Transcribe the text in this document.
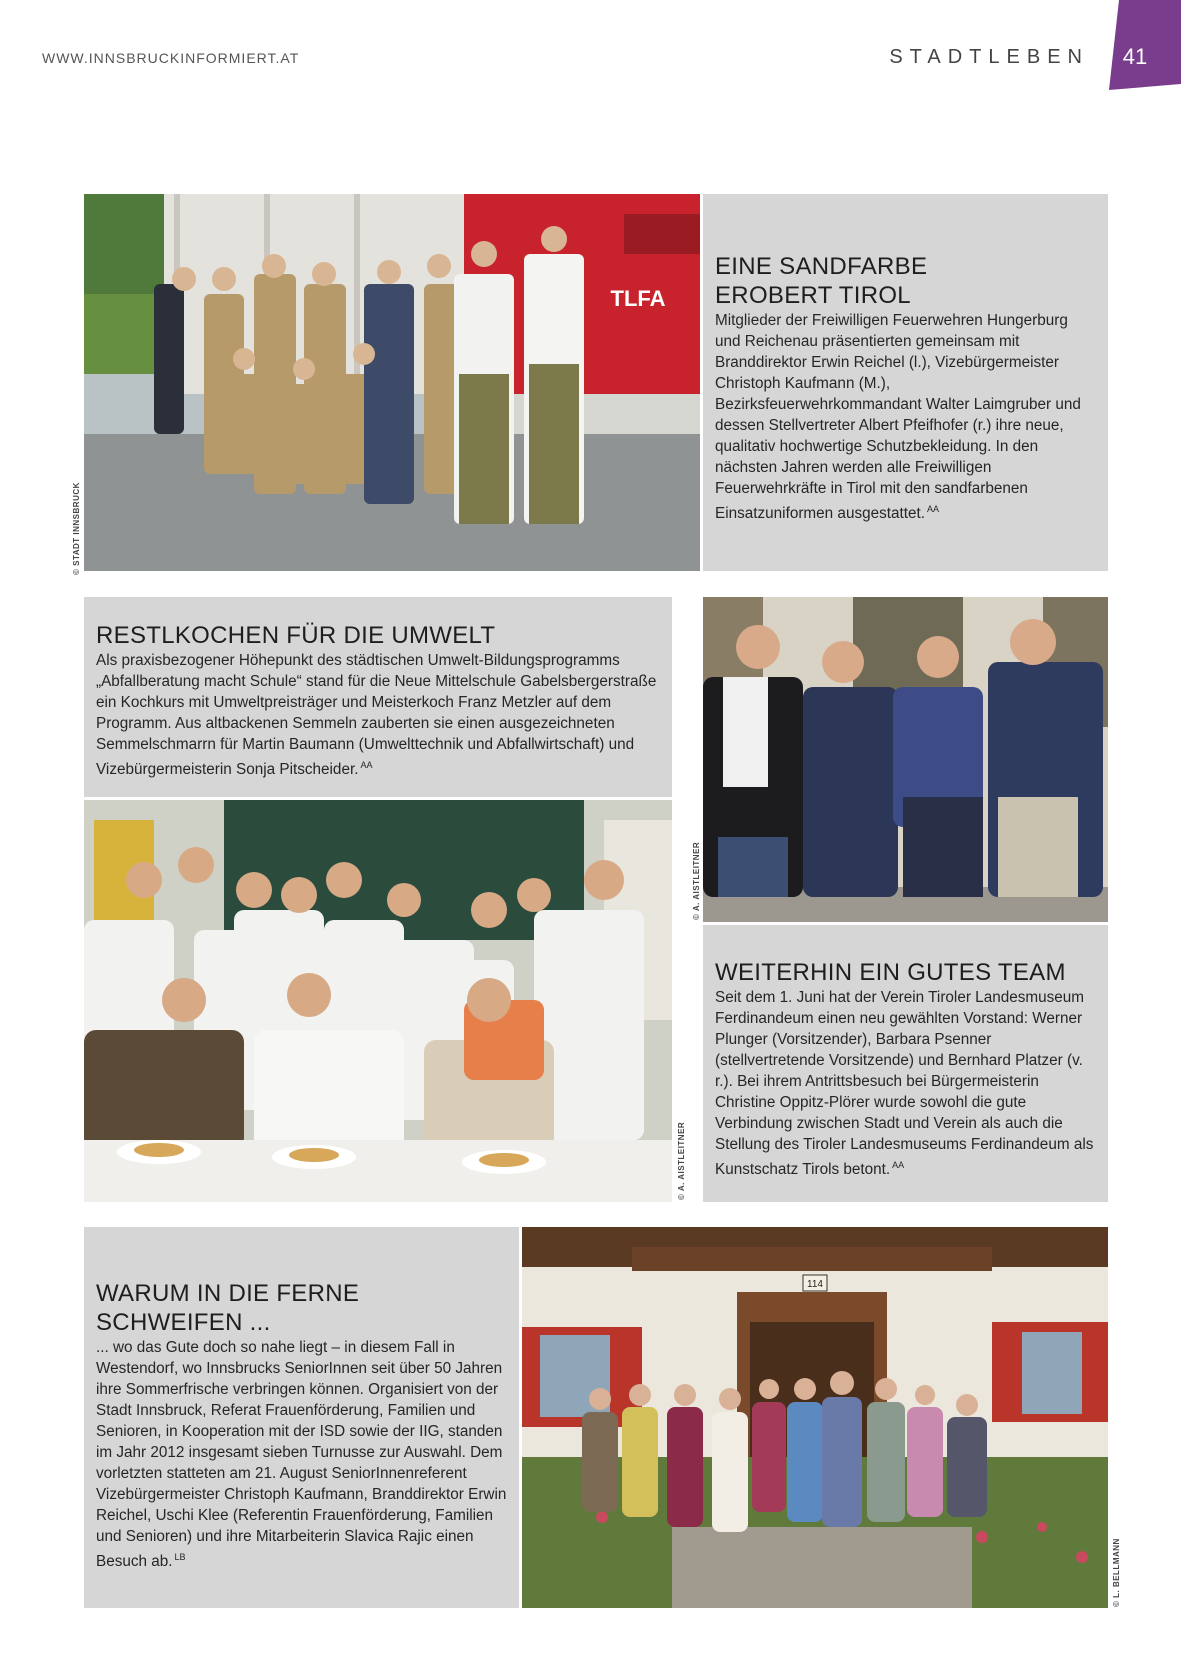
WWW.INNSBRUCKINFORMIERT.AT	STADTLEBEN	41
TLFA
© STADT INNSBRUCK
EINE SANDFARBE
EROBERT TIROL

Mitglieder der Freiwilligen Feuerwehren Hungerburg und Reichenau präsentierten gemeinsam mit Branddirektor Erwin Reichel (l.), Vizebürgermeister Christoph Kaufmann (M.), Bezirksfeuerwehrkommandant Walter Laimgruber und dessen Stellvertreter Albert Pfeifhofer (r.) ihre neue, qualitativ hochwertige Schutzbekleidung. In den nächsten Jahren werden alle Freiwilligen Feuerwehrkräfte in Tirol mit den sandfarbenen Einsatzuniformen ausgestattet. $^{AA}$

RESTLKOCHEN FÜR DIE UMWELT

Als praxisbezogener Höhepunkt des städtischen Umwelt-Bildungsprogramms „Abfallberatung macht Schule“ stand für die Neue Mittelschule Gabelsbergerstraße ein Kochkurs mit Umweltpreisträger und Meisterkoch Franz Metzler auf dem Programm. Aus altbackenen Semmeln zauberten sie einen ausgezeichneten Semmelschmarrn für Martin Baumann (Umwelttechnik und Abfallwirtschaft) und Vizebürgermeisterin Sonja Pitscheider. $^{AA}$

© A. AISTLEITNER
© A. AISTLEITNER
WEITERHIN EIN GUTES TEAM

Seit dem 1. Juni hat der Verein Tiroler Landesmuseum Ferdinandeum einen neu gewählten Vorstand: Werner Plunger (Vorsitzender), Barbara Psenner (stellvertretende Vorsitzende) und Bernhard Platzer (v. r.). Bei ihrem Antrittsbesuch bei Bürgermeisterin Christine Oppitz-Plörer wurde sowohl die gute Verbindung zwischen Stadt und Verein als auch die Stellung des Tiroler Landesmuseums Ferdinandeum als Kunstschatz Tirols betont. $^{AA}$

WARUM IN DIE FERNE SCHWEIFEN ...

... wo das Gute doch so nahe liegt – in diesem Fall in Westendorf, wo Innsbrucks SeniorInnen seit über 50 Jahren ihre Sommerfrische verbringen können. Organisiert von der Stadt Innsbruck, Referat Frauenförderung, Familien und Senioren, in Kooperation mit der ISD sowie der IIG, standen im Jahr 2012 insgesamt sieben Turnusse zur Auswahl. Dem vorletzten statteten am 21. August SeniorInnenreferent Vizebürgermeister Christoph Kaufmann, Branddirektor Erwin Reichel, Uschi Klee (Referentin Frauenförderung, Familien und Senioren) und ihre Mitarbeiterin Slavica Rajic einen Besuch ab. $^{LB}$

114
© L. BELLMANN
